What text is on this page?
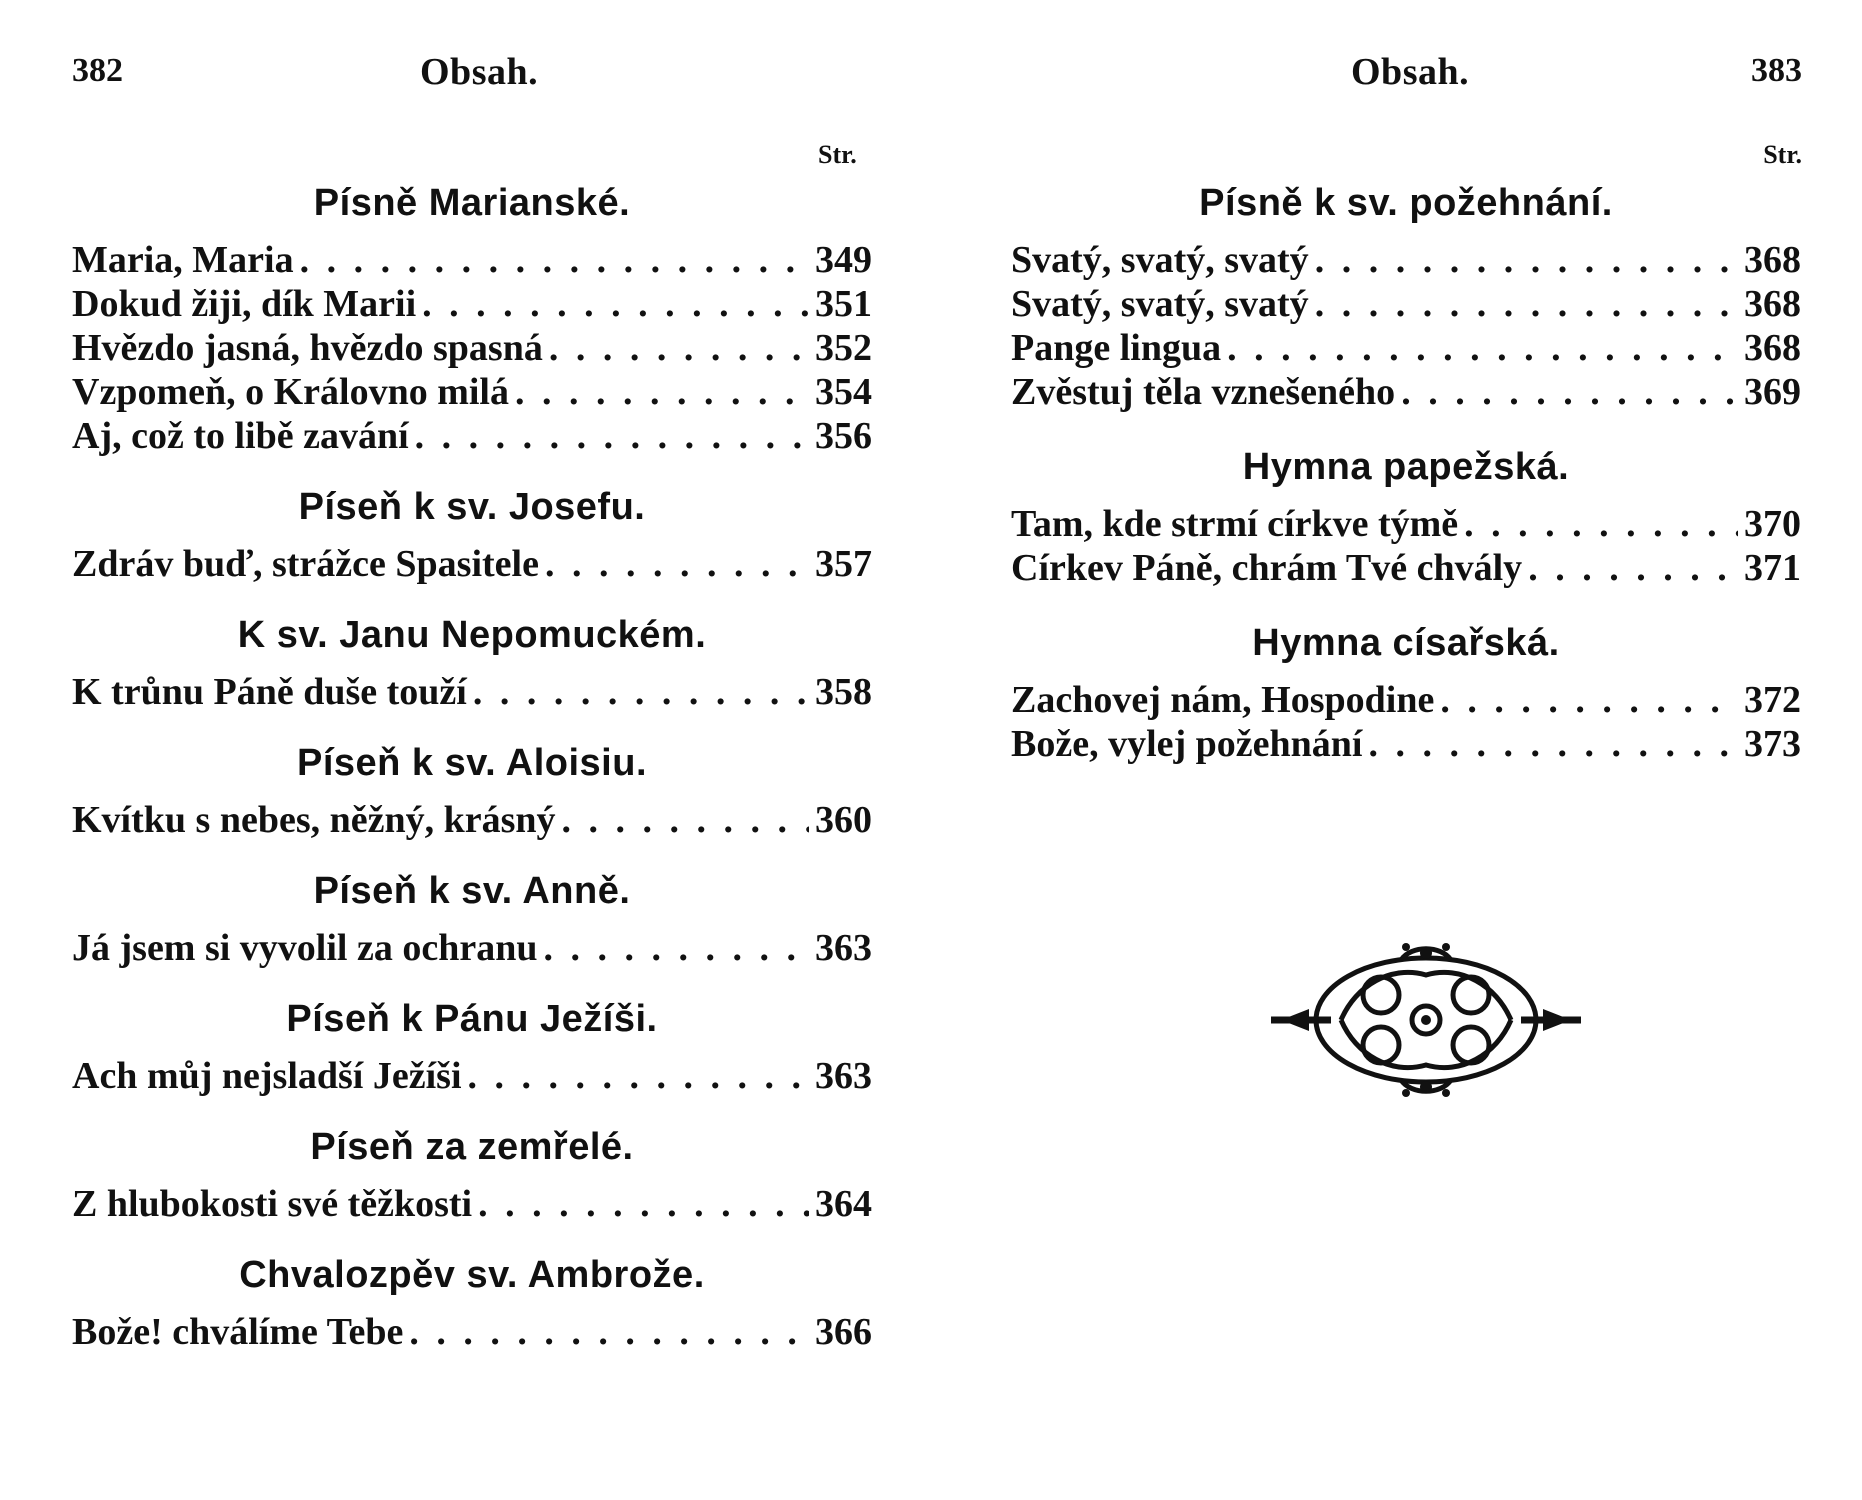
382	Obsah.
Str.
Písně Marianské.
Maria, Maria . . .	349
Dokud žiji, dík Marii . . .	351
Hvězdo jasná, hvězdo spasná . . .	352
Vzpomeň, o Královno milá . . .	354
Aj, což to libě zavání . . .	356
Píseň k sv. Josefu.
Zdráv buď, strážce Spasitele . . .	357
K sv. Janu Nepomuckém.
K trůnu Páně duše touží . . .	358
Píseň k sv. Aloisiu.
Kvítku s nebes, něžný, krásný . . .	360
Píseň k sv. Anně.
Já jsem si vyvolil za ochranu . . .	363
Píseň k Pánu Ježíši.
Ach můj nejsladší Ježíši . . .	363
Píseň za zemřelé.
Z hlubokosti své těžkosti . . .	364
Chvalozpěv sv. Ambrože.
Bože! chválíme Tebe . . .	366
Obsah.	383
Str.
Písně k sv. požehnání.
Svatý, svatý, svatý . . .	368
Svatý, svatý, svatý . . .	368
Pange lingua . . .	368
Zvěstuj těla vznešeného . . .	369
Hymna papežská.
Tam, kde strmí církve týmě . . .	370
Církev Páně, chrám Tvé chvály . . .	371
Hymna císařská.
Zachovej nám, Hospodine . . .	372
Bože, vylej požehnání . . .	373
